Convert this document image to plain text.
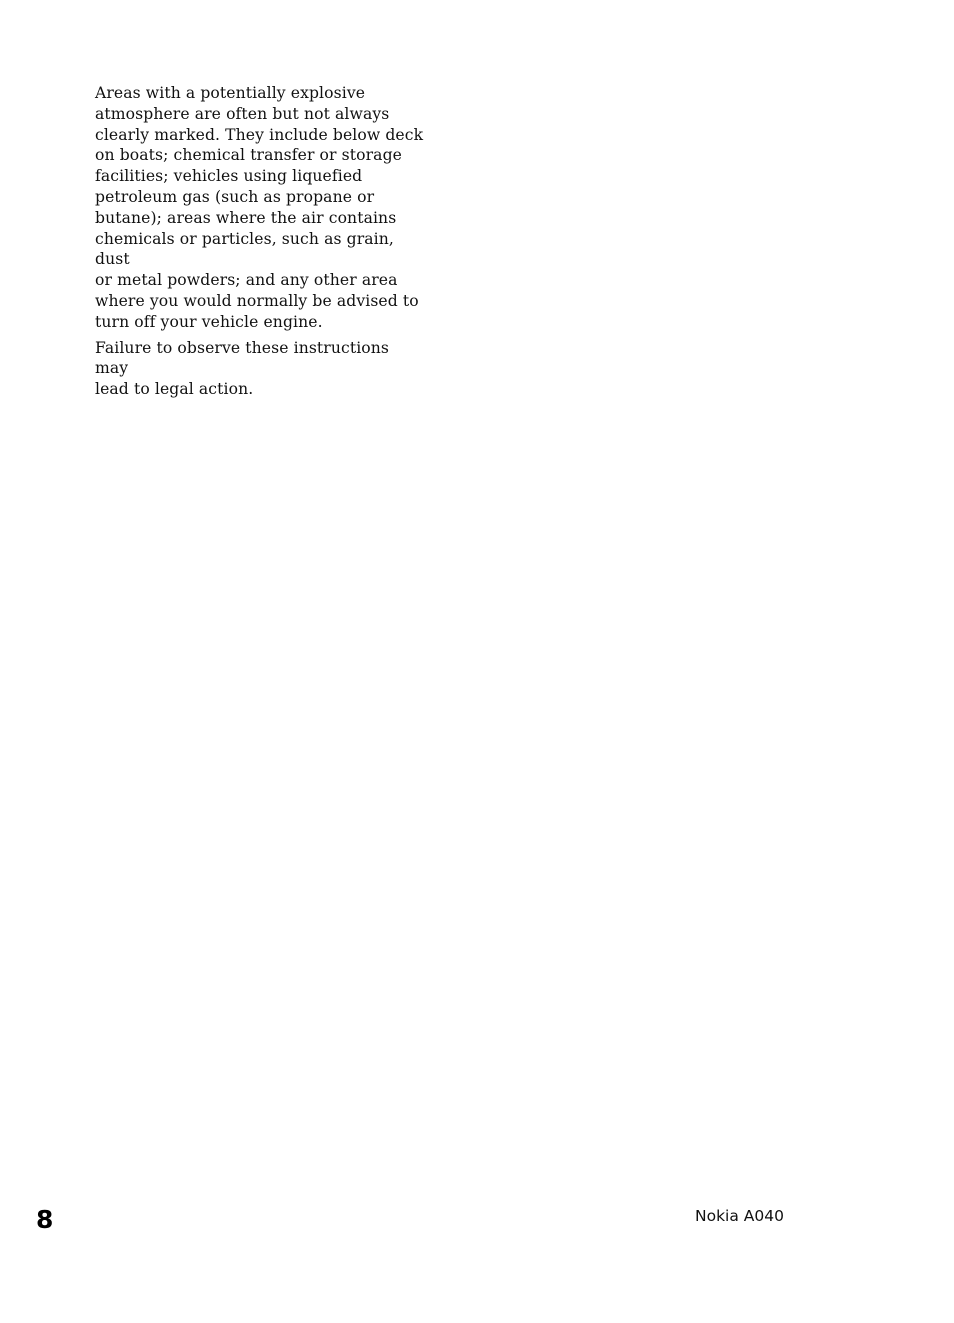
Areas with a potentially explosive
atmosphere are often but not always
clearly marked. They include below deck
on boats; chemical transfer or storage
facilities; vehicles using liquefied
petroleum gas (such as propane or
butane); areas where the air contains
chemicals or particles, such as grain, dust
or metal powders; and any other area
where you would normally be advised to
turn off your vehicle engine.

Failure to observe these instructions may
lead to legal action.

8	Nokia A040
